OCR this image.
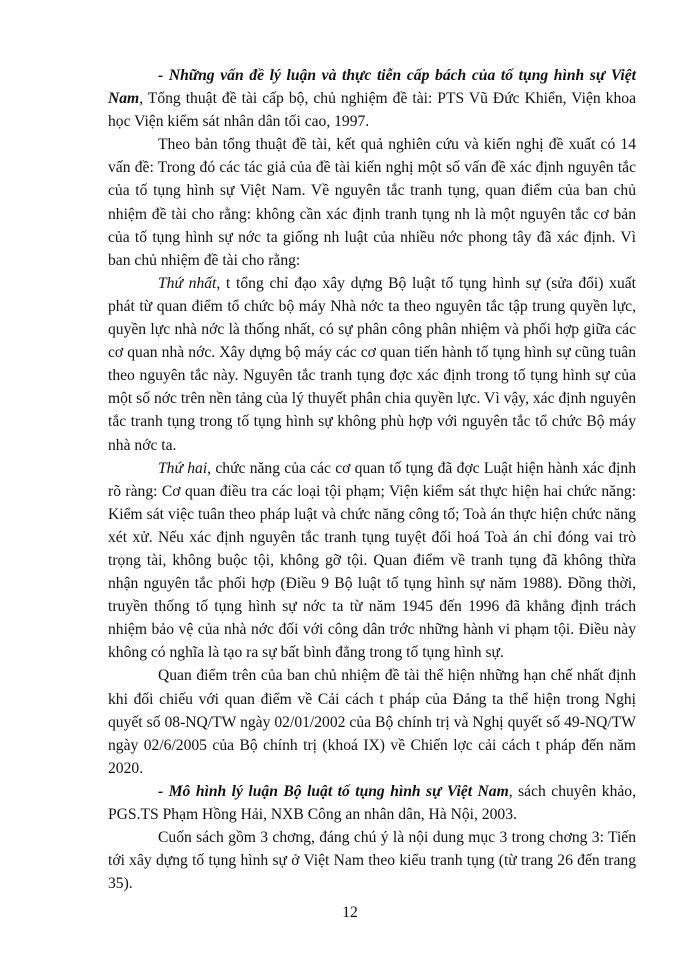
- Những vấn đề lý luận và thực tiễn cấp bách của tố tụng hình sự Việt Nam, Tổng thuật đề tài cấp bộ, chủ nghiệm đề tài: PTS Vũ Đức Khiển, Viện khoa học Viện kiểm sát nhân dân tối cao, 1997.

Theo bản tổng thuật đề tài, kết quả nghiên cứu và kiến nghị đề xuất có 14 vấn đề: Trong đó các tác giả của đề tài kiến nghị một số vấn đề xác định nguyên tắc của tố tụng hình sự Việt Nam. Về nguyên tắc tranh tụng, quan điểm của ban chủ nhiệm đề tài cho rằng: không cần xác định tranh tụng nh là một nguyên tắc cơ bản của tố tụng hình sự nớc ta giống nh luật của nhiều nớc phong tây đã xác định. Vì ban chủ nhiệm đề tài cho rằng:

Thứ nhất, t tổng chỉ đạo xây dựng Bộ luật tố tụng hình sự (sửa đổi) xuất phát từ quan điểm tổ chức bộ máy Nhà nớc ta theo nguyên tắc tập trung quyền lực, quyền lực nhà nớc là thống nhất, có sự phân công phân nhiệm và phối hợp giữa các cơ quan nhà nớc. Xây dựng bộ máy các cơ quan tiến hành tố tụng hình sự cũng tuân theo nguyên tắc này. Nguyên tắc tranh tụng đợc xác định trong tố tụng hình sự của một số nớc trên nền tảng của lý thuyết phân chia quyền lực. Vì vậy, xác định nguyên tắc tranh tụng trong tố tụng hình sự không phù hợp với nguyên tắc tổ chức Bộ máy nhà nớc ta.

Thứ hai, chức năng của các cơ quan tố tụng đã đợc Luật hiện hành xác định rõ ràng: Cơ quan điều tra các loại tội phạm; Viện kiểm sát thực hiện hai chức năng: Kiểm sát việc tuân theo pháp luật và chức năng công tố; Toà án thực hiện chức năng xét xử. Nếu xác định nguyên tắc tranh tụng tuyệt đối hoá Toà án chỉ đóng vai trò trọng tài, không buộc tội, không gỡ tội. Quan điểm về tranh tụng đã không thừa nhận nguyên tắc phối hợp (Điều 9 Bộ luật tố tụng hình sự năm 1988). Đồng thời, truyền thống tố tụng hình sự nớc ta từ năm 1945 đến 1996 đã khẳng định trách nhiệm bảo vệ của nhà nớc đối với công dân trớc những hành vi phạm tội. Điều này không có nghĩa là tạo ra sự bất bình đẳng trong tố tụng hình sự.

Quan điểm trên của ban chủ nhiệm đề tài thể hiện những hạn chế nhất định khi đối chiếu với quan điểm về Cải cách t pháp của Đảng ta thể hiện trong Nghị quyết số 08-NQ/TW ngày 02/01/2002 của Bộ chính trị và Nghị quyết số 49-NQ/TW ngày 02/6/2005 của Bộ chính trị (khoá IX) về Chiến lợc cải cách t pháp đến năm 2020.

- Mô hình lý luận Bộ luật tố tụng hình sự Việt Nam, sách chuyên khảo, PGS.TS Phạm Hồng Hải, NXB Công an nhân dân, Hà Nội, 2003.

Cuốn sách gồm 3 chơng, đáng chú ý là nội dung mục 3 trong chơng 3: Tiến tới xây dựng tố tụng hình sự ở Việt Nam theo kiểu tranh tụng (từ trang 26 đến trang 35).

12
